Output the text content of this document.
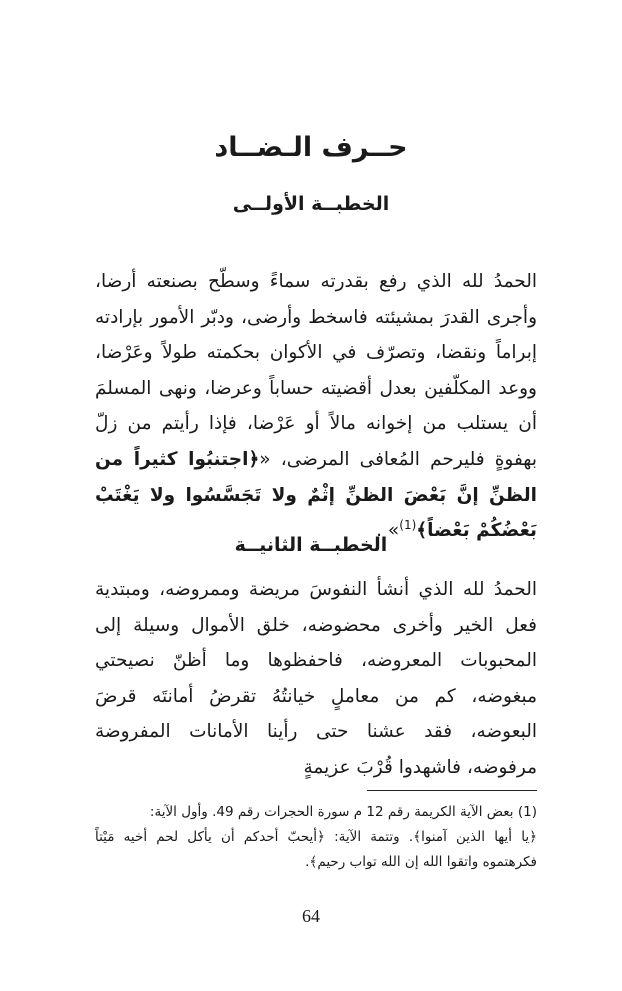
حــرف الـضــاد
الخطبــة الأولــى
الحمدُ لله الذي رفع بقدرته سماءً وسطّح بصنعته أرضا، وأجرى القدرَ بمشيئته فاسخط وأرضى، ودبّر الأمور بإرادته إبراماً ونقضا، وتصرّف في الأكوان بحكمته طولاً وعَرْضا، ووعد المكلّفين بعدل أقضيته حساباً وعرضا، ونهى المسلمَ أن يستلب من إخوانه مالاً أو عَرْضا، فإذا رأيتم من زلّ بهفوةٍ فليرحم المُعافى المرضى، «﴿اجتنبُوا كثيراً من الظنِّ إنَّ بَعْضَ الظنِّ إثْمٌ ولا تَجَسَّسُوا ولا يَغْتَبْ بَعْضُكُمْ بَعْضاً﴾$^{(1)}$» .
الخطبــة الثانيــة
الحمدُ لله الذي أنشأ النفوسَ مريضة وممروضه، ومبتدية فعل الخير وأخرى محضوضه، خلق الأموال وسيلة إلى المحبوبات المعروضه، فاحفظوها وما أظنّ نصيحتي مبغوضه، كم من معاملٍ خيانتُهُ تقرضُ أمانتَه قرضَ البعوضه، فقد عشنا حتى رأينا الأمانات المفروضة مرفوضه، فاشهدوا قُرْبَ عزيمةٍ
(1) بعض الآية الكريمة رقم 12 م سورة الحجرات رقم 49. وأول الآية:
﴿يا أيها الذين آمنوا﴾. وتتمة الآية: ﴿أيحبّ أحدكم أن يأكل لحم أخيه مَيْتاً فكرهتموه واتقوا الله إن الله تواب رحيم﴾.
64
